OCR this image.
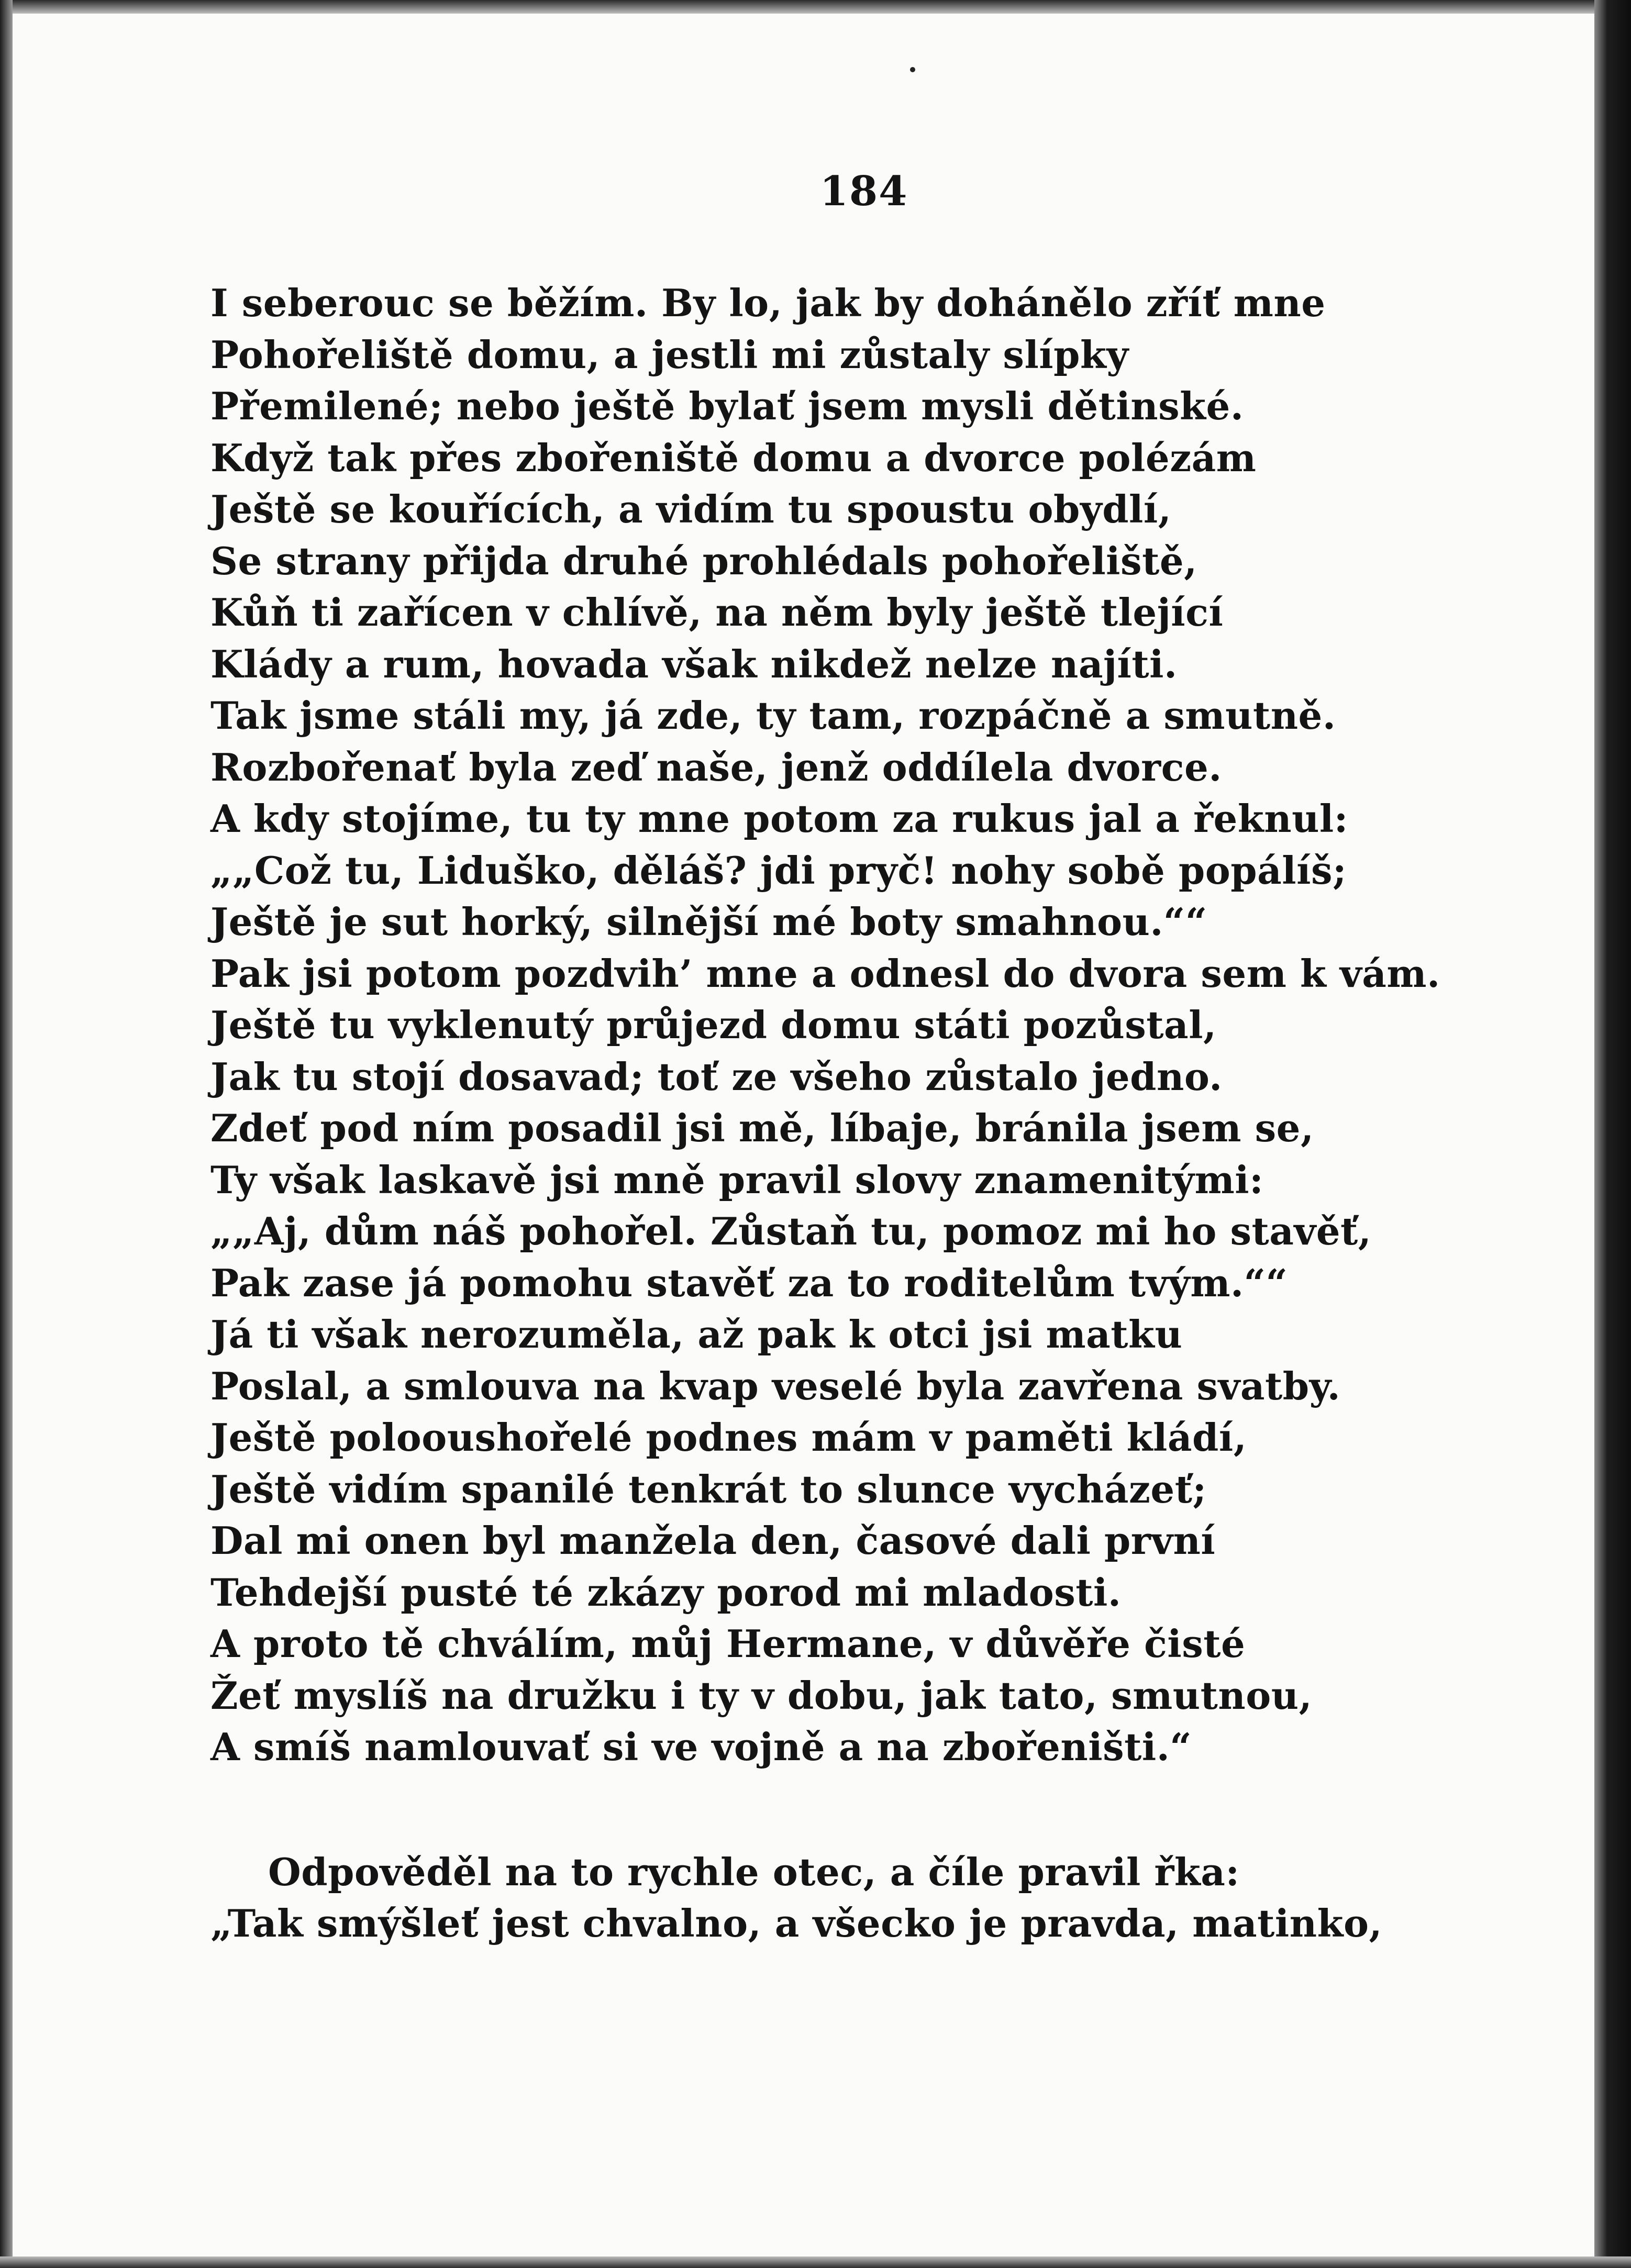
184
I seberouc se běžím. By lo, jak by dohánělo zříť mne
Pohořeliště domu, a jestli mi zůstaly slípky
Přemilené; nebo ještě bylať jsem mysli dětinské.
Když tak přes zbořeniště domu a dvorce polézám
Ještě se kouřících, a vidím tu spoustu obydlí,
Se strany přijda druhé prohlédals pohořeliště,
Kůň ti zařícen v chlívě, na něm byly ještě tlející
Klády a rum, hovada však nikdež nelze najíti.
Tak jsme stáli my, já zde, ty tam, rozpáčně a smutně.
Rozbořenať byla zeď naše, jenž oddílela dvorce.
A kdy stojíme, tu ty mne potom za rukus jal a řeknul:
„„Což tu, Liduško, děláš? jdi pryč! nohy sobě popálíš;
Ještě je sut horký, silnější mé boty smahnou.““
Pak jsi potom pozdvih’ mne a odnesl do dvora sem k vám.
Ještě tu vyklenutý průjezd domu státi pozůstal,
Jak tu stojí dosavad; toť ze všeho zůstalo jedno.
Zdeť pod ním posadil jsi mě, líbaje, bránila jsem se,
Ty však laskavě jsi mně pravil slovy znamenitými:
„„Aj, dům náš pohořel. Zůstaň tu, pomoz mi ho stavěť,
Pak zase já pomohu stavěť za to roditelům tvým.““
Já ti však nerozuměla, až pak k otci jsi matku
Poslal, a smlouva na kvap veselé byla zavřena svatby.
Ještě polooushořelé podnes mám v paměti kládí,
Ještě vidím spanilé tenkrát to slunce vycházeť;
Dal mi onen byl manžela den, časové dali první
Tehdejší pusté té zkázy porod mi mladosti.
A proto tě chválím, můj Hermane, v důvěře čisté
Žeť myslíš na družku i ty v dobu, jak tato, smutnou,
A smíš namlouvať si ve vojně a na zbořeništi.“
Odpověděl na to rychle otec, a číle pravil řka:
„Tak smýšleť jest chvalno, a všecko je pravda, matinko,
